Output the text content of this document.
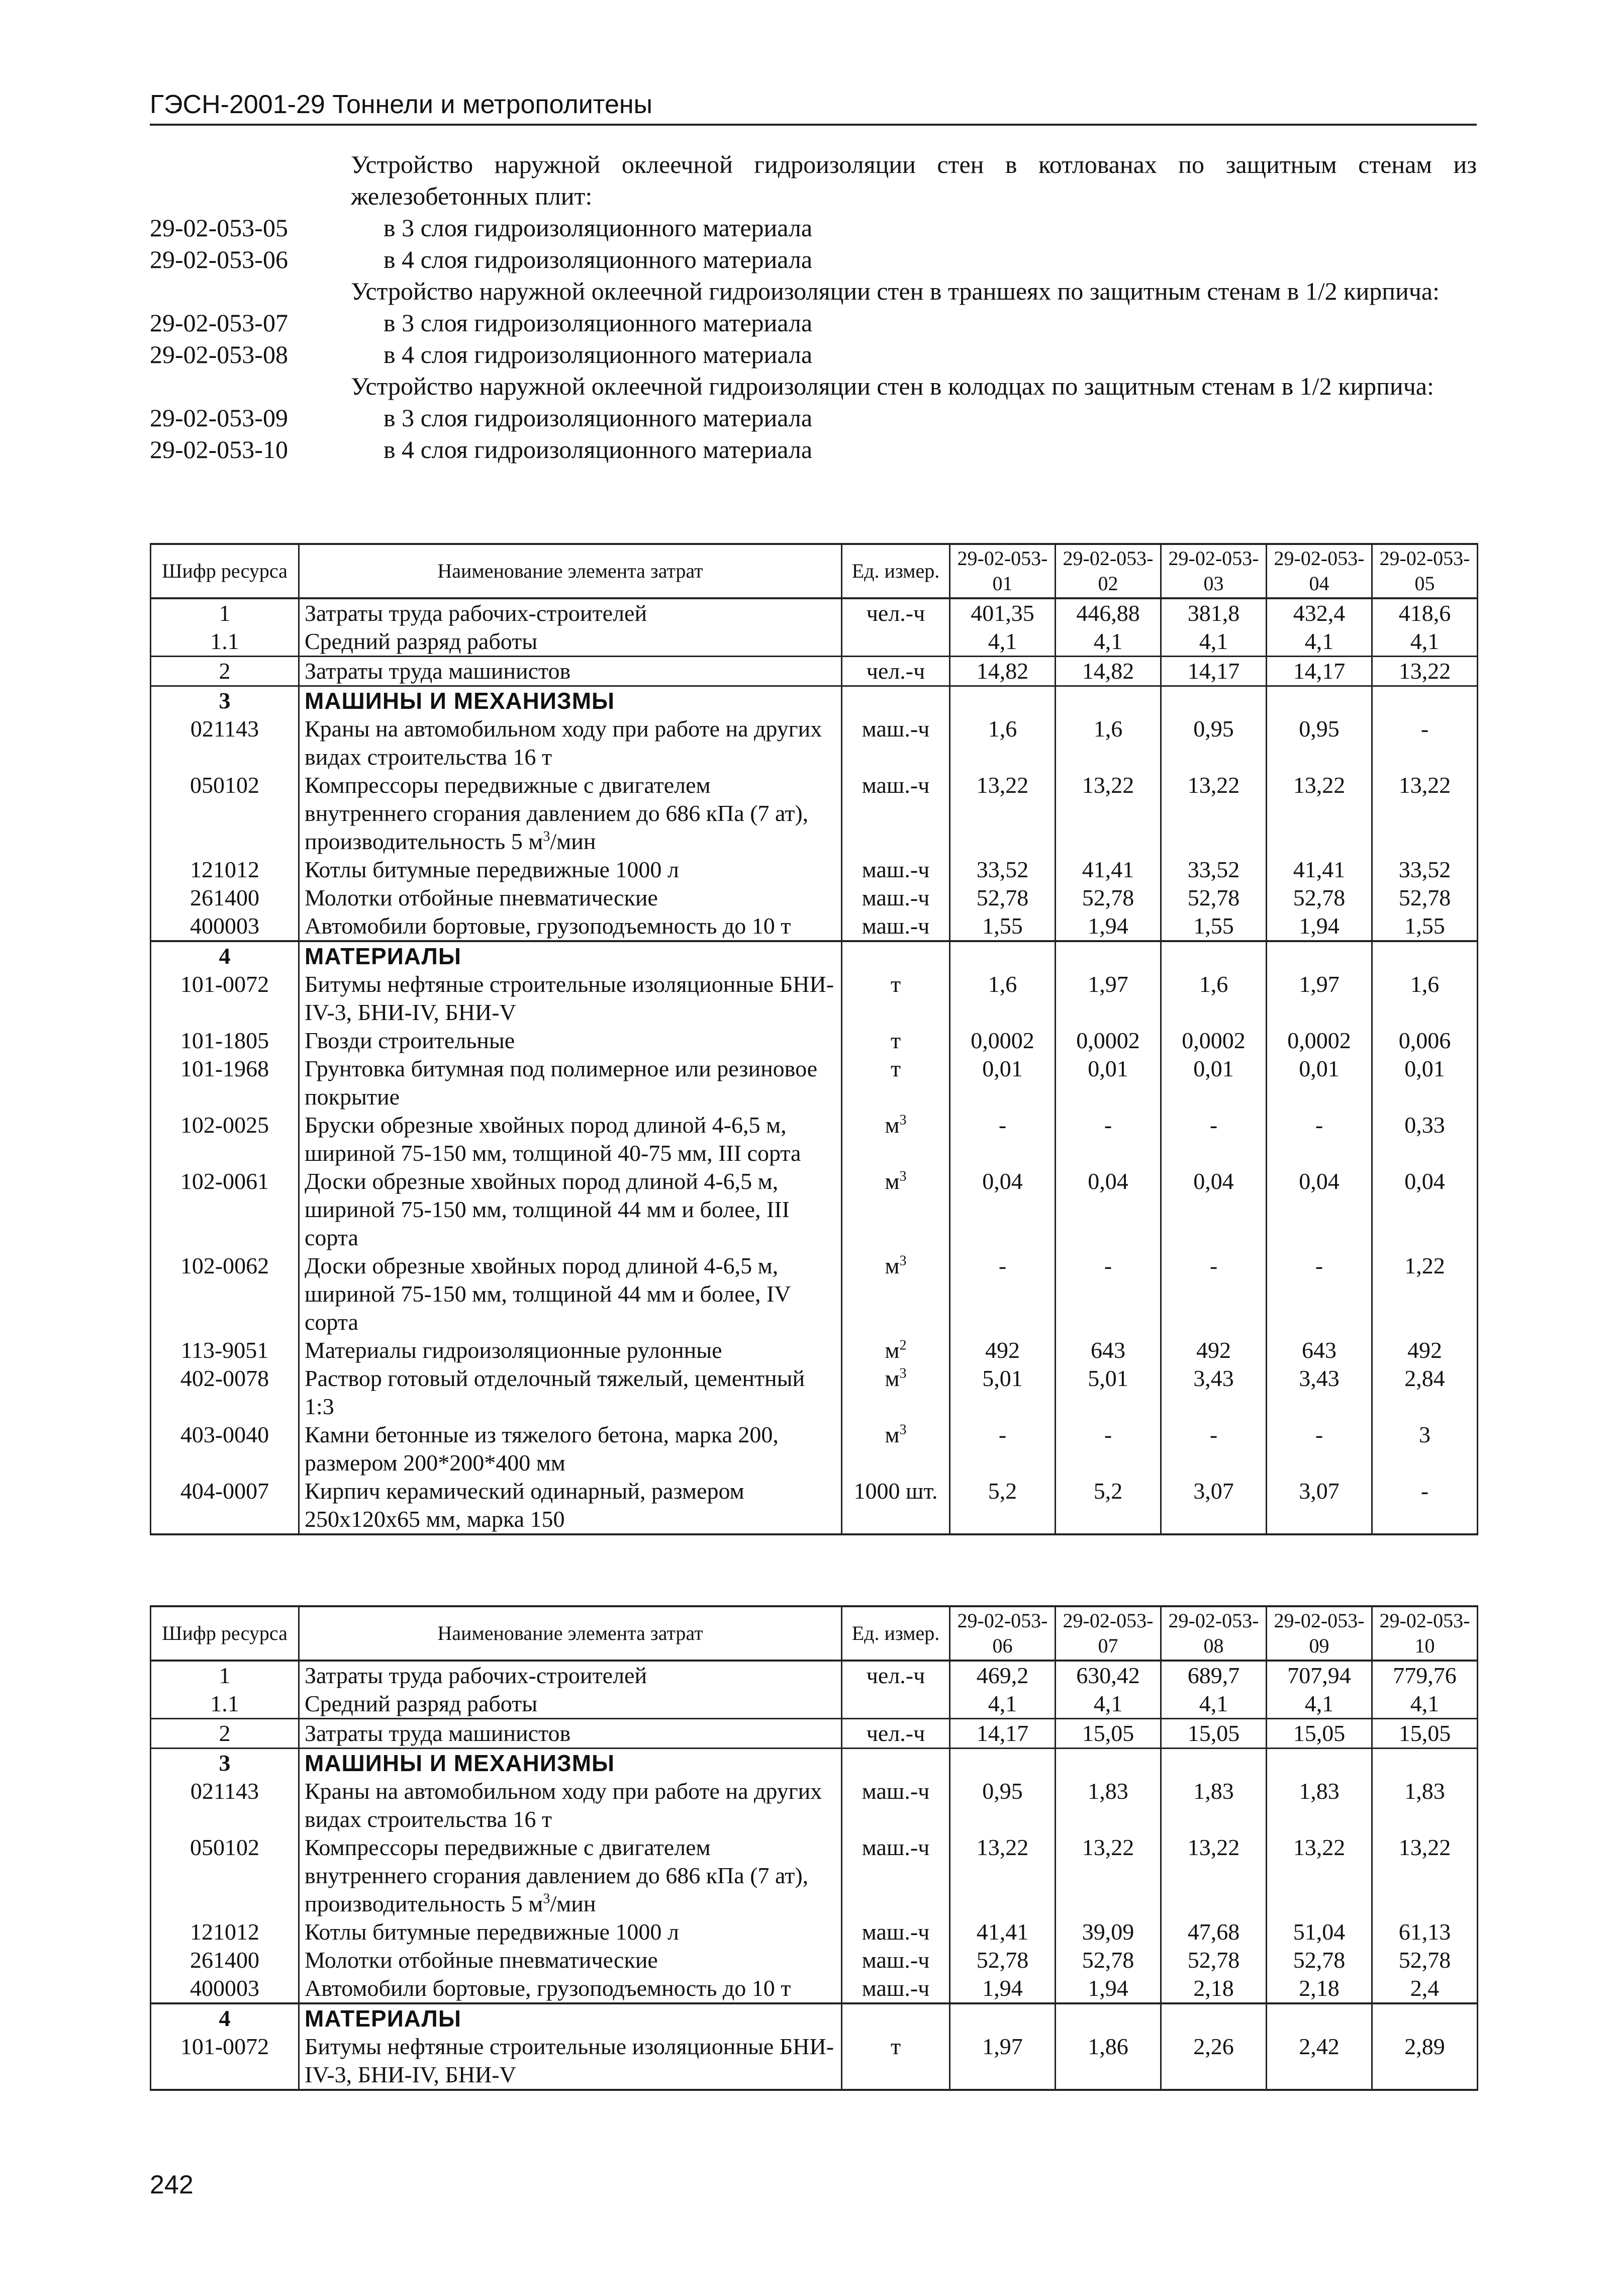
ГЭСН-2001-29 Тоннели и метрополитены
Устройство наружной оклеечной гидроизоляции стен в котлованах по защитным стенам из железобетонных плит:
29-02-053-05	в 3 слоя гидроизоляционного материала
29-02-053-06	в 4 слоя гидроизоляционного материала
Устройство наружной оклеечной гидроизоляции стен в траншеях по защитным стенам в 1/2 кирпича:
29-02-053-07	в 3 слоя гидроизоляционного материала
29-02-053-08	в 4 слоя гидроизоляционного материала
Устройство наружной оклеечной гидроизоляции стен в колодцах по защитным стенам в 1/2 кирпича:
29-02-053-09	в 3 слоя гидроизоляционного материала
29-02-053-10	в 4 слоя гидроизоляционного материала
Шифр ресурса	Наименование элемента затрат	Ед. измер.	29-02-053-01	29-02-053-02	29-02-053-03	29-02-053-04	29-02-053-05
1	Затраты труда рабочих-строителей	чел.-ч	401,35	446,88	381,8	432,4	418,6
1.1	Средний разряд работы		4,1	4,1	4,1	4,1	4,1
2	Затраты труда машинистов	чел.-ч	14,82	14,82	14,17	14,17	13,22
3	МАШИНЫ И МЕХАНИЗМЫ						
021143	Краны на автомобильном ходу при работе на других видах строительства 16 т	маш.-ч	1,6	1,6	0,95	0,95	-
050102	Компрессоры передвижные с двигателем внутреннего сгорания давлением до 686 кПа (7 ат), производительность 5 $м^3$/мин	маш.-ч	13,22	13,22	13,22	13,22	13,22
121012	Котлы битумные передвижные 1000 л	маш.-ч	33,52	41,41	33,52	41,41	33,52
261400	Молотки отбойные пневматические	маш.-ч	52,78	52,78	52,78	52,78	52,78
400003	Автомобили бортовые, грузоподъемность до 10 т	маш.-ч	1,55	1,94	1,55	1,94	1,55
4	МАТЕРИАЛЫ						
101-0072	Битумы нефтяные строительные изоляционные БНИ-IV-3, БНИ-IV, БНИ-V	т	1,6	1,97	1,6	1,97	1,6
101-1805	Гвозди строительные	т	0,0002	0,0002	0,0002	0,0002	0,006
101-1968	Грунтовка битумная под полимерное или резиновое покрытие	т	0,01	0,01	0,01	0,01	0,01
102-0025	Бруски обрезные хвойных пород длиной 4-6,5 м, шириной 75-150 мм, толщиной 40-75 мм, III сорта	$м^3$	-	-	-	-	0,33
102-0061	Доски обрезные хвойных пород длиной 4-6,5 м, шириной 75-150 мм, толщиной 44 мм и более, III сорта	$м^3$	0,04	0,04	0,04	0,04	0,04
102-0062	Доски обрезные хвойных пород длиной 4-6,5 м, шириной 75-150 мм, толщиной 44 мм и более, IV сорта	$м^3$	-	-	-	-	1,22
113-9051	Материалы гидроизоляционные рулонные	$м^2$	492	643	492	643	492
402-0078	Раствор готовый отделочный тяжелый, цементный 1:3	$м^3$	5,01	5,01	3,43	3,43	2,84
403-0040	Камни бетонные из тяжелого бетона, марка 200, размером 200*200*400 мм	$м^3$	-	-	-	-	3
404-0007	Кирпич керамический одинарный, размером 250х120х65 мм, марка 150	1000 шт.	5,2	5,2	3,07	3,07	-
Шифр ресурса	Наименование элемента затрат	Ед. измер.	29-02-053-06	29-02-053-07	29-02-053-08	29-02-053-09	29-02-053-10
1	Затраты труда рабочих-строителей	чел.-ч	469,2	630,42	689,7	707,94	779,76
1.1	Средний разряд работы		4,1	4,1	4,1	4,1	4,1
2	Затраты труда машинистов	чел.-ч	14,17	15,05	15,05	15,05	15,05
3	МАШИНЫ И МЕХАНИЗМЫ						
021143	Краны на автомобильном ходу при работе на других видах строительства 16 т	маш.-ч	0,95	1,83	1,83	1,83	1,83
050102	Компрессоры передвижные с двигателем внутреннего сгорания давлением до 686 кПа (7 ат), производительность 5 $м^3$/мин	маш.-ч	13,22	13,22	13,22	13,22	13,22
121012	Котлы битумные передвижные 1000 л	маш.-ч	41,41	39,09	47,68	51,04	61,13
261400	Молотки отбойные пневматические	маш.-ч	52,78	52,78	52,78	52,78	52,78
400003	Автомобили бортовые, грузоподъемность до 10 т	маш.-ч	1,94	1,94	2,18	2,18	2,4
4	МАТЕРИАЛЫ						
101-0072	Битумы нефтяные строительные изоляционные БНИ-IV-3, БНИ-IV, БНИ-V	т	1,97	1,86	2,26	2,42	2,89
242
